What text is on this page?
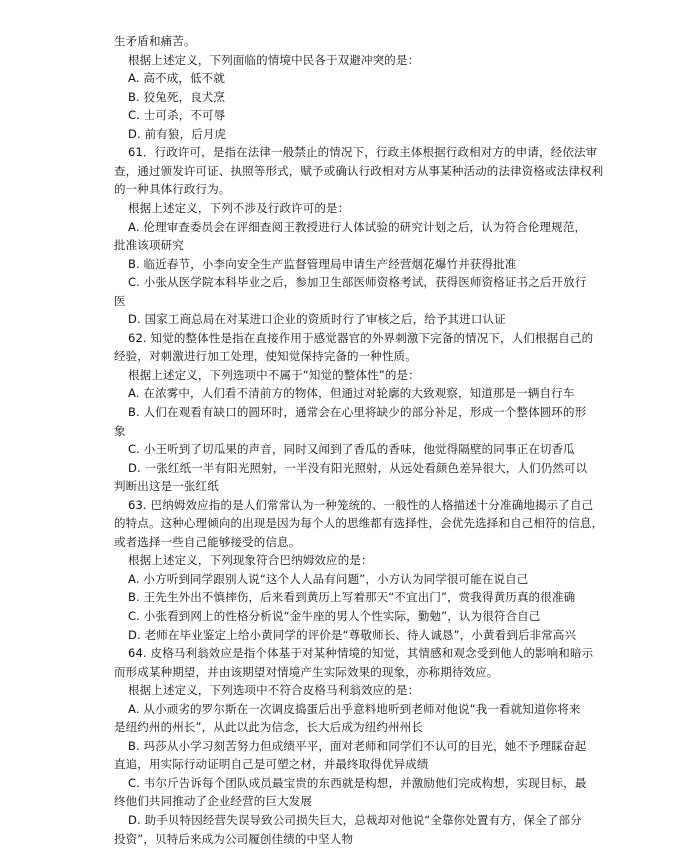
生矛盾和痛苦。
根据上述定义，下列面临的情境中民各于双避冲突的是：
A. 高不成，低不就
B. 狡兔死，良犬烹
C. 士可杀，不可辱
D. 前有狼，后月虎
61．行政许可，是指在法律一般禁止的情况下，行政主体根据行政相对方的申请，经依法审
查，通过颁发许可证、执照等形式，赋予或确认行政相对方从事某种活动的法律资格或法律权利
的一种具体行政行为。
根据上述定义，下列不涉及行政许可的是：
A. 伦理审查委员会在评细查阅王教授进行人体试验的研究计划之后，认为符合伦理规范，
批准该项研究
B. 临近春节，小李向安全生产监督管理局申请生产经营烟花爆竹并获得批准
C. 小张从医学院本科毕业之后，参加卫生部医师资格考试，获得医师资格证书之后开放行
医
D. 国家工商总局在对某进口企业的资质时行了审核之后，给予其进口认证
62. 知觉的整体性是指在直接作用于感觉器官的外界刺激下完备的情况下，人们根据自己的
经验，对刺激进行加工处理，使知觉保持完备的一种性质。
根据上述定义，下列选项中不属于“知觉的整体性”的是：
A. 在浓雾中，人们看不清前方的物体，但通过对轮廓的大致观察，知道那是一辆自行车
B. 人们在观看有缺口的圆环时，通常会在心里将缺少的部分补足，形成一个整体圆环的形
象
C. 小王听到了切瓜果的声音，同时又闻到了香瓜的香味，他觉得隔壁的同事正在切香瓜
D. 一张红纸一半有阳光照射，一半没有阳光照射，从远处看颜色差异很大，人们仍然可以
判断出这是一张红纸
63. 巴纳姆效应指的是人们常常认为一种笼统的、一般性的人格描述十分准确地揭示了自己
的特点。这种心理倾向的出现是因为每个人的思维都有选择性，会优先选择和自己相符的信息，
或者选择一些自己能够接受的信息。
根据上述定义，下列现象符合巴纳姆效应的是：
A. 小方听到同学跟别人说“这个人人品有问题”，小方认为同学很可能在说自己
B. 王先生外出不慎摔伤，后来看到黄历上写着那天“不宜出门”，赏我得黄历真的很准确
C. 小张看到网上的性格分析说“金牛座的男人个性实际，勤勉”，认为很符合自己
D. 老师在毕业鉴定上给小黄同学的评价是“尊敬师长、待人诚恳”，小黄看到后非常高兴
64. 皮格马利翁效应是指个体基于对某种情境的知觉，其情感和观念受到他人的影响和暗示
而形成某种期望，并由该期望对情境产生实际效果的现象，亦称期待效应。
根据上述定义，下列选项中不符合皮格马利翁效应的是：
A. 从小顽劣的罗尔斯在一次调皮捣蛋后出乎意料地听到老师对他说“我一看就知道你将来
是纽约州的州长”，从此以此为信念，长大后成为纽约州州长
B. 玛莎从小学习刻苦努力但成绩平平，面对老师和同学们不认可的目光，她不予理睬奋起
直追，用实际行动证明自己是可塑之材，并最终取得优异成绩
C. 韦尔斤告诉每个团队成员最宝贵的东西就是构想，并激励他们完成构想，实现目标，最
终他们共同推动了企业经营的巨大发展
D. 助手贝特因经营失误导致公司损失巨大，总裁却对他说“全靠你处置有方，保全了部分
投资”，贝特后来成为公司履创佳绩的中坚人物
